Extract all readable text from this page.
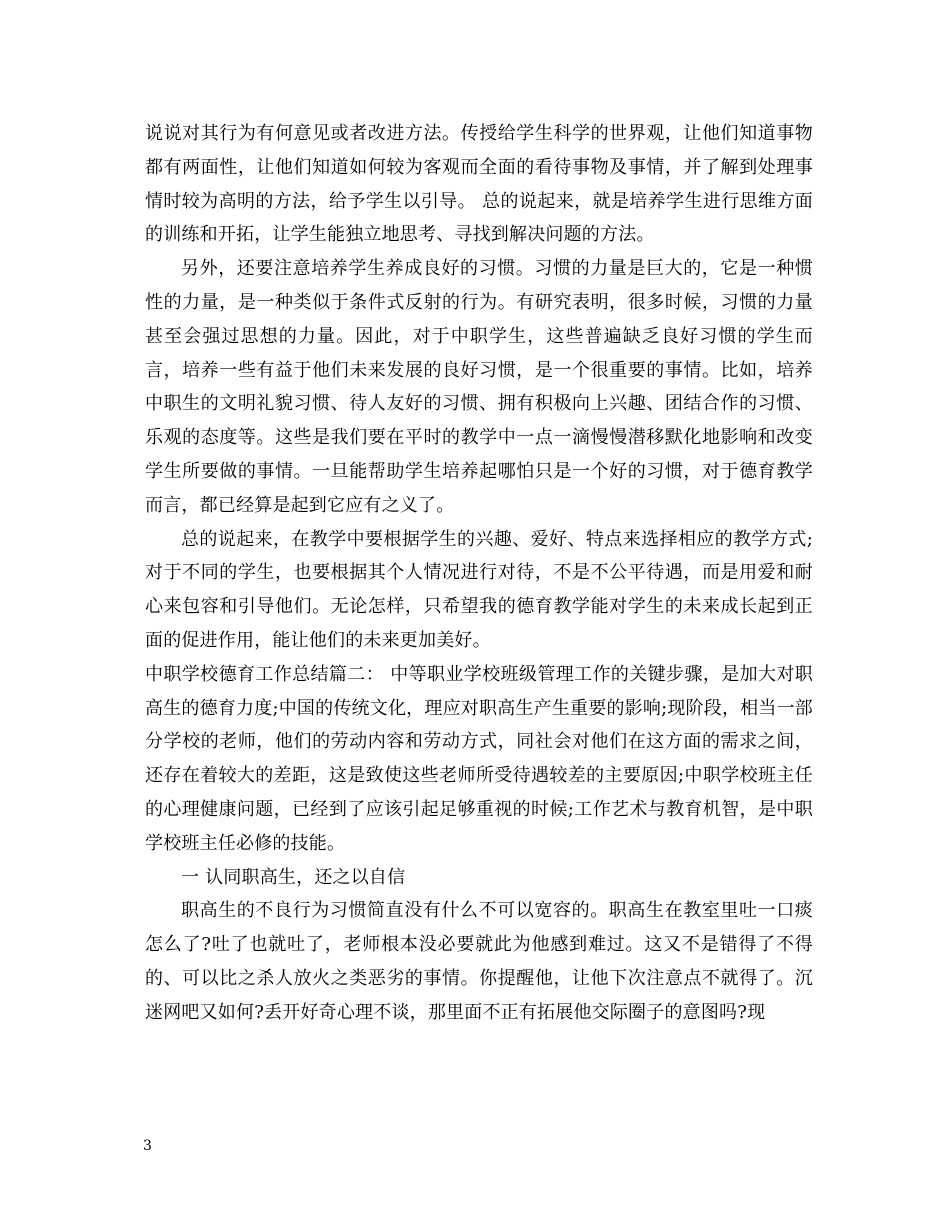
说说对其行为有何意见或者改进方法。传授给学生科学的世界观，让他们知道事物都有两面性，让他们知道如何较为客观而全面的看待事物及事情，并了解到处理事情时较为高明的方法，给予学生以引导。 总的说起来，就是培养学生进行思维方面的训练和开拓，让学生能独立地思考、寻找到解决问题的方法。

另外，还要注意培养学生养成良好的习惯。习惯的力量是巨大的，它是一种惯性的力量，是一种类似于条件式反射的行为。有研究表明，很多时候，习惯的力量甚至会强过思想的力量。因此，对于中职学生，这些普遍缺乏良好习惯的学生而言，培养一些有益于他们未来发展的良好习惯，是一个很重要的事情。比如，培养中职生的文明礼貌习惯、待人友好的习惯、拥有积极向上兴趣、团结合作的习惯、乐观的态度等。这些是我们要在平时的教学中一点一滴慢慢潜移默化地影响和改变学生所要做的事情。一旦能帮助学生培养起哪怕只是一个好的习惯，对于德育教学而言，都已经算是起到它应有之义了。

总的说起来，在教学中要根据学生的兴趣、爱好、特点来选择相应的教学方式;对于不同的学生，也要根据其个人情况进行对待，不是不公平待遇，而是用爱和耐心来包容和引导他们。无论怎样，只希望我的德育教学能对学生的未来成长起到正面的促进作用，能让他们的未来更加美好。

中职学校德育工作总结篇二： 中等职业学校班级管理工作的关键步骤，是加大对职高生的德育力度;中国的传统文化，理应对职高生产生重要的影响;现阶段，相当一部分学校的老师，他们的劳动内容和劳动方式，同社会对他们在这方面的需求之间，还存在着较大的差距，这是致使这些老师所受待遇较差的主要原因;中职学校班主任的心理健康问题，已经到了应该引起足够重视的时候;工作艺术与教育机智，是中职学校班主任必修的技能。

一 认同职高生，还之以自信

职高生的不良行为习惯简直没有什么不可以宽容的。职高生在教室里吐一口痰怎么了?吐了也就吐了，老师根本没必要就此为他感到难过。这又不是错得了不得的、可以比之杀人放火之类恶劣的事情。你提醒他，让他下次注意点不就得了。沉迷网吧又如何?丢开好奇心理不谈，那里面不正有拓展他交际圈子的意图吗?现

3
